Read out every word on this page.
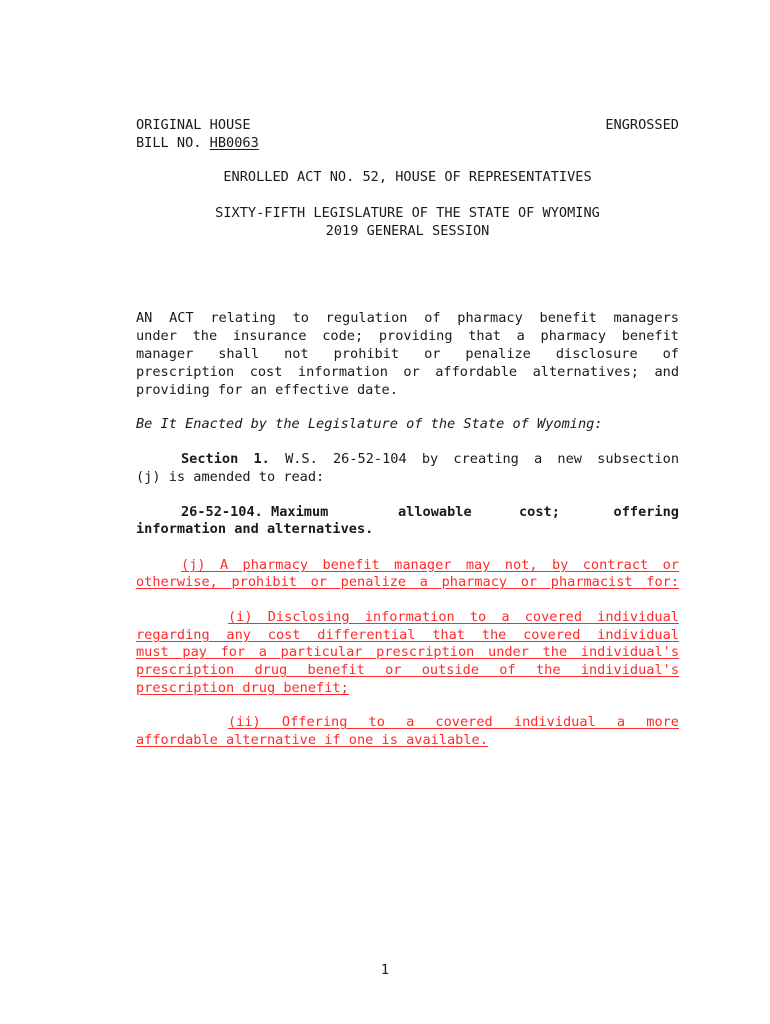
ORIGINAL HOUSE	ENGROSSED
BILL NO. HB0063
ENROLLED ACT NO. 52, HOUSE OF REPRESENTATIVES
SIXTY-FIFTH LEGISLATURE OF THE STATE OF WYOMING
2019 GENERAL SESSION
AN ACT relating to regulation of pharmacy benefit managers
under the insurance code; providing that a pharmacy benefit
manager shall not prohibit or penalize disclosure of
prescription cost information or affordable alternatives; and
providing for an effective date.
Be It Enacted by the Legislature of the State of Wyoming:
Section 1. W.S. 26-52-104 by creating a new subsection
(j) is amended to read:
26-52-104. Maximum	allowable	cost;	offering
information and alternatives.
(j) A pharmacy benefit manager may not, by contract or
otherwise, prohibit or penalize a pharmacy or pharmacist for:
(i) Disclosing information to a covered individual
regarding any cost differential that the covered individual
must pay for a particular prescription under the individual's
prescription drug benefit or outside of the individual's
prescription drug benefit;
(ii) Offering to a covered individual a more
affordable alternative if one is available.
1
